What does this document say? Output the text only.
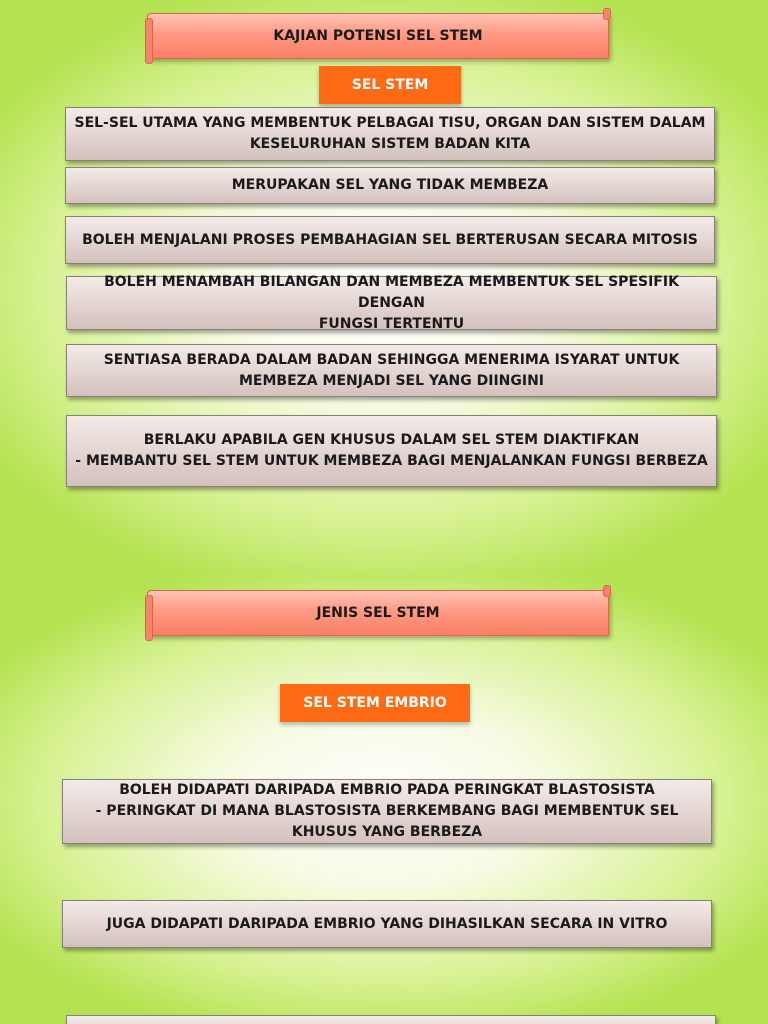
KAJIAN POTENSI SEL STEM
SEL STEM
SEL-SEL UTAMA YANG MEMBENTUK PELBAGAI TISU, ORGAN DAN SISTEM DALAM
KESELURUHAN SISTEM BADAN KITA
MERUPAKAN SEL YANG TIDAK MEMBEZA
BOLEH MENJALANI PROSES PEMBAHAGIAN SEL BERTERUSAN SECARA MITOSIS
BOLEH MENAMBAH BILANGAN DAN MEMBEZA MEMBENTUK SEL SPESIFIK DENGAN
FUNGSI TERTENTU
SENTIASA BERADA DALAM BADAN SEHINGGA MENERIMA ISYARAT UNTUK
MEMBEZA MENJADI SEL YANG DIINGINI
BERLAKU APABILA GEN KHUSUS DALAM SEL STEM DIAKTIFKAN
- MEMBANTU SEL STEM UNTUK MEMBEZA BAGI MENJALANKAN FUNGSI BERBEZA
JENIS SEL STEM
SEL STEM EMBRIO
BOLEH DIDAPATI DARIPADA EMBRIO PADA PERINGKAT BLASTOSISTA
- PERINGKAT DI MANA BLASTOSISTA BERKEMBANG BAGI MEMBENTUK SEL
KHUSUS YANG BERBEZA
JUGA DIDAPATI DARIPADA EMBRIO YANG DIHASILKAN SECARA IN VITRO
